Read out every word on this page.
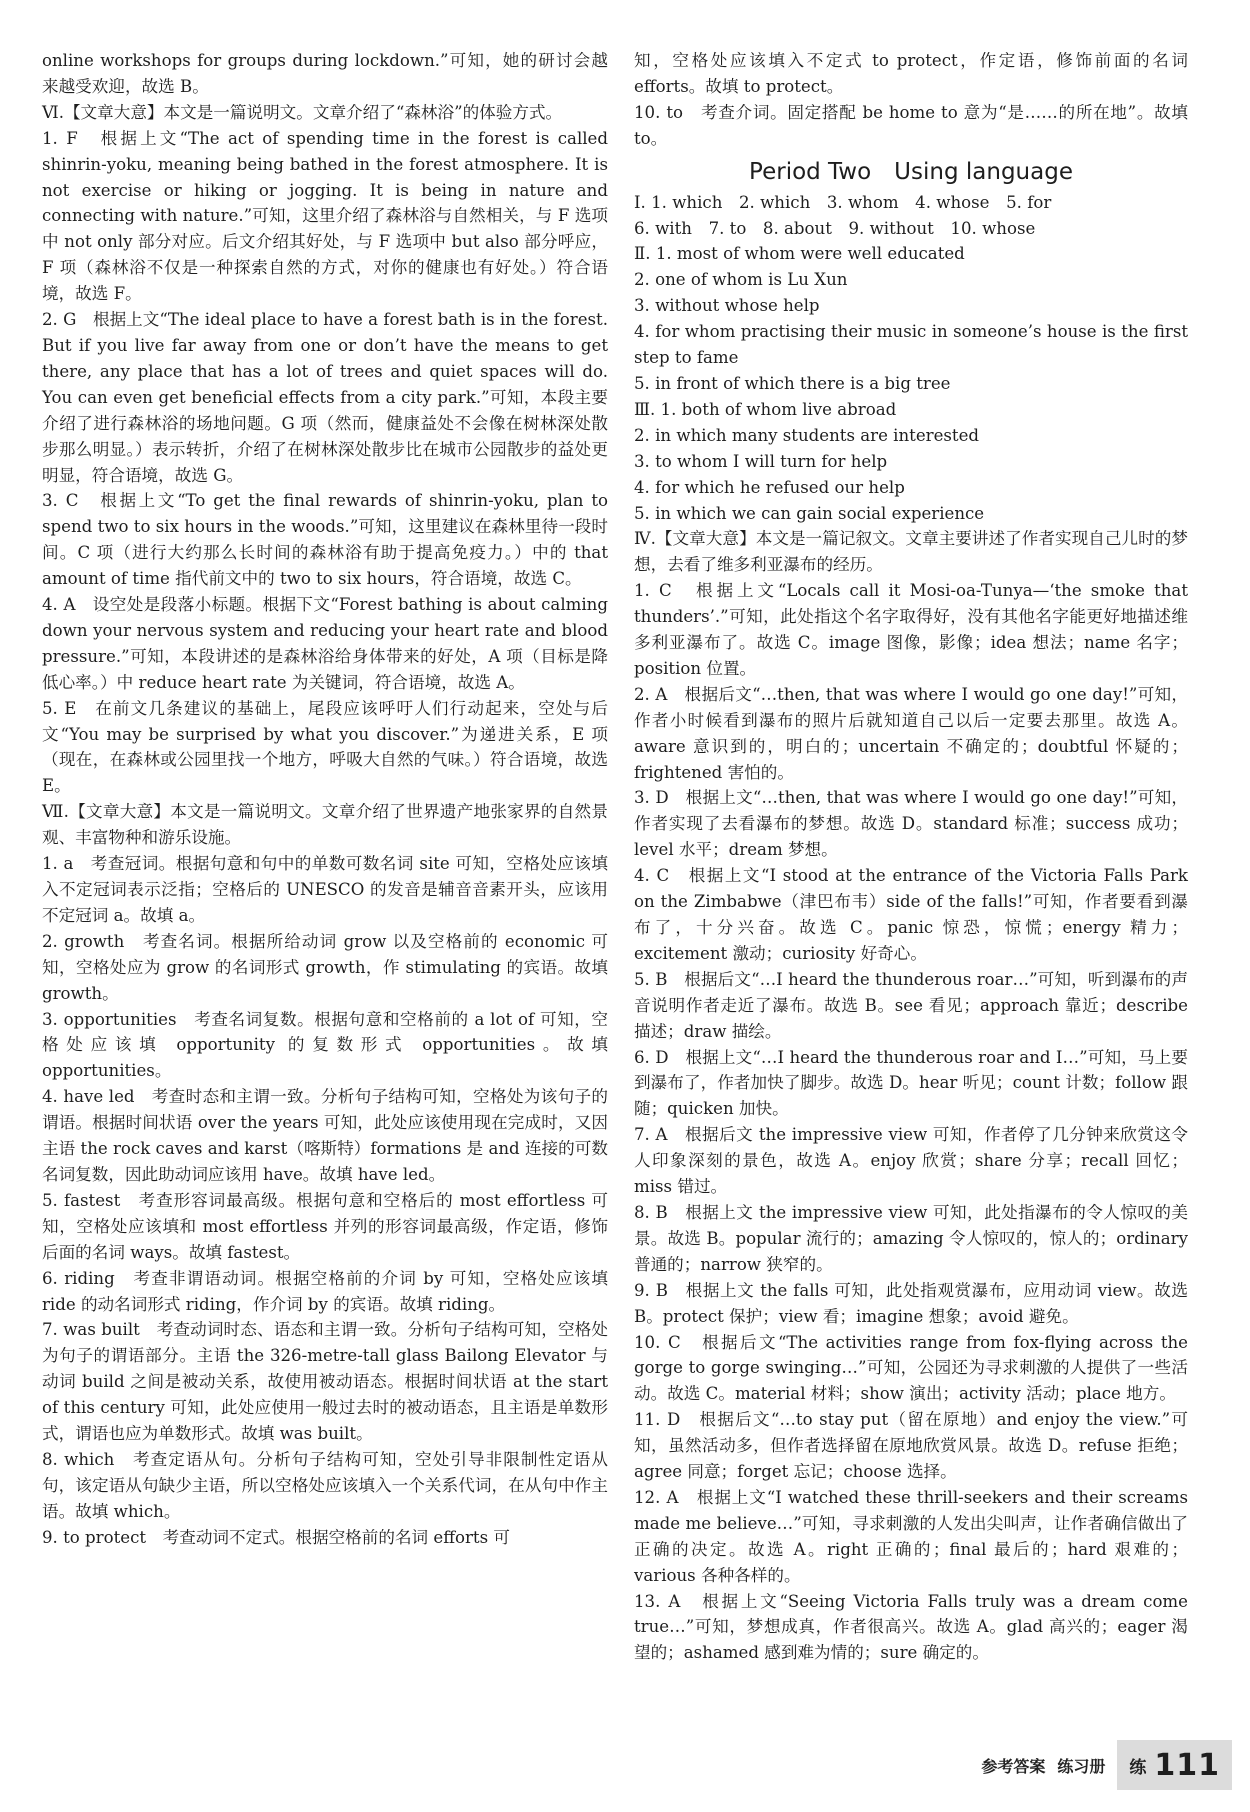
online workshops for groups during lockdown.”可知，她的研讨会越来越受欢迎，故选 B。

Ⅵ.【文章大意】本文是一篇说明文。文章介绍了“森林浴”的体验方式。

1. F　根据上文“The act of spending time in the forest is called shinrin-yoku, meaning being bathed in the forest atmosphere. It is not exercise or hiking or jogging. It is being in nature and connecting with nature.”可知，这里介绍了森林浴与自然相关，与 F 选项中 not only 部分对应。后文介绍其好处，与 F 选项中 but also 部分呼应，F 项（森林浴不仅是一种探索自然的方式，对你的健康也有好处。）符合语境，故选 F。

2. G　根据上文“The ideal place to have a forest bath is in the forest. But if you live far away from one or don’t have the means to get there, any place that has a lot of trees and quiet spaces will do. You can even get beneficial effects from a city park.”可知，本段主要介绍了进行森林浴的场地问题。G 项（然而，健康益处不会像在树林深处散步那么明显。）表示转折，介绍了在树林深处散步比在城市公园散步的益处更明显，符合语境，故选 G。

3. C　根据上文“To get the final rewards of shinrin-yoku, plan to spend two to six hours in the woods.”可知，这里建议在森林里待一段时间。C 项（进行大约那么长时间的森林浴有助于提高免疫力。）中的 that amount of time 指代前文中的 two to six hours，符合语境，故选 C。

4. A　设空处是段落小标题。根据下文“Forest bathing is about calming down your nervous system and reducing your heart rate and blood pressure.”可知，本段讲述的是森林浴给身体带来的好处，A 项（目标是降低心率。）中 reduce heart rate 为关键词，符合语境，故选 A。

5. E　在前文几条建议的基础上，尾段应该呼吁人们行动起来，空处与后文“You may be surprised by what you discover.”为递进关系，E 项（现在，在森林或公园里找一个地方，呼吸大自然的气味。）符合语境，故选 E。

Ⅶ.【文章大意】本文是一篇说明文。文章介绍了世界遗产地张家界的自然景观、丰富物种和游乐设施。

1. a　考查冠词。根据句意和句中的单数可数名词 site 可知，空格处应该填入不定冠词表示泛指；空格后的 UNESCO 的发音是辅音音素开头，应该用不定冠词 a。故填 a。

2. growth　考查名词。根据所给动词 grow 以及空格前的 economic 可知，空格处应为 grow 的名词形式 growth，作 stimulating 的宾语。故填 growth。

3. opportunities　考查名词复数。根据句意和空格前的 a lot of 可知，空格处应该填 opportunity 的复数形式 opportunities。故填 opportunities。

4. have led　考查时态和主谓一致。分析句子结构可知，空格处为该句子的谓语。根据时间状语 over the years 可知，此处应该使用现在完成时，又因主语 the rock caves and karst（喀斯特）formations 是 and 连接的可数名词复数，因此助动词应该用 have。故填 have led。

5. fastest　考查形容词最高级。根据句意和空格后的 most effortless 可知，空格处应该填和 most effortless 并列的形容词最高级，作定语，修饰后面的名词 ways。故填 fastest。

6. riding　考查非谓语动词。根据空格前的介词 by 可知，空格处应该填 ride 的动名词形式 riding，作介词 by 的宾语。故填 riding。

7. was built　考查动词时态、语态和主谓一致。分析句子结构可知，空格处为句子的谓语部分。主语 the 326-metre-tall glass Bailong Elevator 与动词 build 之间是被动关系，故使用被动语态。根据时间状语 at the start of this century 可知，此处应使用一般过去时的被动语态，且主语是单数形式，谓语也应为单数形式。故填 was built。

8. which　考查定语从句。分析句子结构可知，空处引导非限制性定语从句，该定语从句缺少主语，所以空格处应该填入一个关系代词，在从句中作主语。故填 which。

9. to protect　考查动词不定式。根据空格前的名词 efforts 可

知，空格处应该填入不定式 to protect，作定语，修饰前面的名词 efforts。故填 to protect。

10. to　考查介词。固定搭配 be home to 意为“是……的所在地”。故填 to。

Period Two　Using language

Ⅰ. 1. which　2. which　3. whom　4. whose　5. for

6. with　7. to　8. about　9. without　10. whose

Ⅱ. 1. most of whom were well educated

2. one of whom is Lu Xun

3. without whose help

4. for whom practising their music in someone’s house is the first step to fame

5. in front of which there is a big tree

Ⅲ. 1. both of whom live abroad

2. in which many students are interested

3. to whom I will turn for help

4. for which he refused our help

5. in which we can gain social experience

Ⅳ.【文章大意】本文是一篇记叙文。文章主要讲述了作者实现自己儿时的梦想，去看了维多利亚瀑布的经历。

1. C　根据上文“Locals call it Mosi-oa-Tunya—‘the smoke that thunders’.”可知，此处指这个名字取得好，没有其他名字能更好地描述维多利亚瀑布了。故选 C。image 图像，影像；idea 想法；name 名字；position 位置。

2. A　根据后文“…then, that was where I would go one day!”可知，作者小时候看到瀑布的照片后就知道自己以后一定要去那里。故选 A。aware 意识到的，明白的；uncertain 不确定的；doubtful 怀疑的；frightened 害怕的。

3. D　根据上文“…then, that was where I would go one day!”可知，作者实现了去看瀑布的梦想。故选 D。standard 标准；success 成功；level 水平；dream 梦想。

4. C　根据上文“I stood at the entrance of the Victoria Falls Park on the Zimbabwe（津巴布韦）side of the falls!”可知，作者要看到瀑布了，十分兴奋。故选 C。panic 惊恐，惊慌；energy 精力；excitement 激动；curiosity 好奇心。

5. B　根据后文“…I heard the thunderous roar…”可知，听到瀑布的声音说明作者走近了瀑布。故选 B。see 看见；approach 靠近；describe 描述；draw 描绘。

6. D　根据上文“…I heard the thunderous roar and I…”可知，马上要到瀑布了，作者加快了脚步。故选 D。hear 听见；count 计数；follow 跟随；quicken 加快。

7. A　根据后文 the impressive view 可知，作者停了几分钟来欣赏这令人印象深刻的景色，故选 A。enjoy 欣赏；share 分享；recall 回忆；miss 错过。

8. B　根据上文 the impressive view 可知，此处指瀑布的令人惊叹的美景。故选 B。popular 流行的；amazing 令人惊叹的，惊人的；ordinary 普通的；narrow 狭窄的。

9. B　根据上文 the falls 可知，此处指观赏瀑布，应用动词 view。故选 B。protect 保护；view 看；imagine 想象；avoid 避免。

10. C　根据后文“The activities range from fox-flying across the gorge to gorge swinging…”可知，公园还为寻求刺激的人提供了一些活动。故选 C。material 材料；show 演出；activity 活动；place 地方。

11. D　根据后文“…to stay put（留在原地）and enjoy the view.”可知，虽然活动多，但作者选择留在原地欣赏风景。故选 D。refuse 拒绝；agree 同意；forget 忘记；choose 选择。

12. A　根据上文“I watched these thrill-seekers and their screams made me believe…”可知，寻求刺激的人发出尖叫声，让作者确信做出了正确的决定。故选 A。right 正确的；final 最后的；hard 艰难的；various 各种各样的。

13. A　根据上文“Seeing Victoria Falls truly was a dream come true…”可知，梦想成真，作者很高兴。故选 A。glad 高兴的；eager 渴望的；ashamed 感到难为情的；sure 确定的。

参考答案 练习册 练 111
